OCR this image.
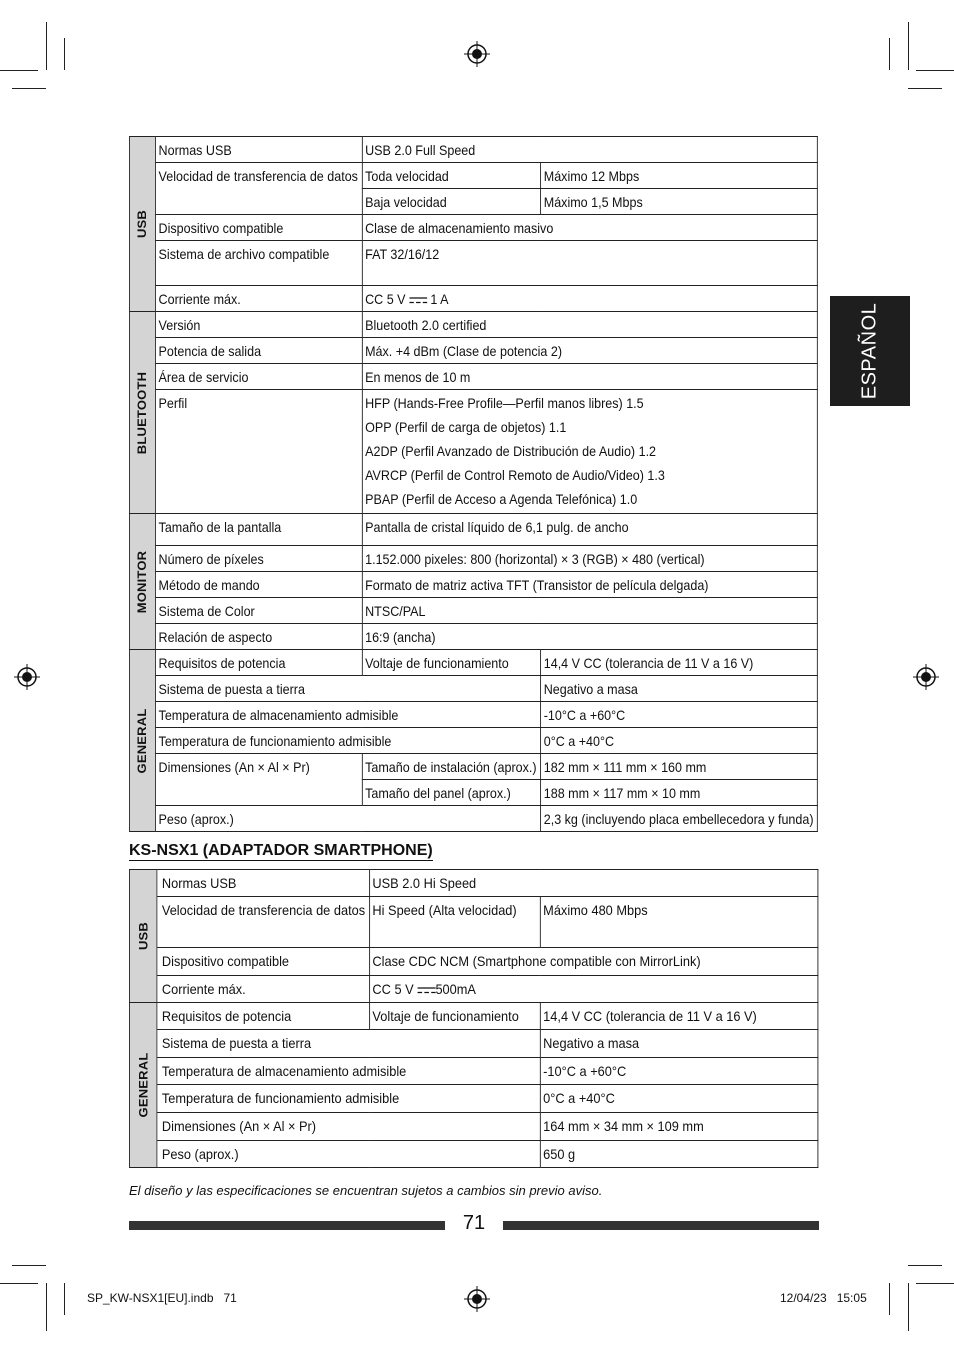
ESPAÑOL
USB	Normas USB	USB 2.0 Full Speed	
	Velocidad de transferencia de datos	Toda velocidad	Máximo 12 Mbps
		Baja velocidad	Máximo 1,5 Mbps
	Dispositivo compatible	Clase de almacenamiento masivo	
	Sistema de archivo compatible	FAT 32/16/12	
	Corriente máx.	CC 5 V 1 A	

BLUETOOTH	Versión	Bluetooth 2.0 certified	
	Potencia de salida	Máx. +4 dBm (Clase de potencia 2)	
	Área de servicio	En menos de 10 m	
	Perfil	HFP (Hands-Free Profile—Perfil manos libres) 1.5
OPP (Perfil de carga de objetos) 1.1
A2DP (Perfil Avanzado de Distribución de Audio) 1.2
AVRCP (Perfil de Control Remoto de Audio/Video) 1.3
PBAP (Perfil de Acceso a Agenda Telefónica) 1.0	

MONITOR	Tamaño de la pantalla	Pantalla de cristal líquido de 6,1 pulg. de ancho	
	Número de píxeles	1.152.000 pixeles: 800 (horizontal) × 3 (RGB) × 480 (vertical)	
	Método de mando	Formato de matriz activa TFT (Transistor de película delgada)	
	Sistema de Color	NTSC/PAL	
	Relación de aspecto	16:9 (ancha)	

GENERAL	Requisitos de potencia	Voltaje de funcionamiento	14,4 V CC (tolerancia de 11 V a 16 V)
	Sistema de puesta a tierra		Negativo a masa
	Temperatura de almacenamiento admisible		-10°C a +60°C
	Temperatura de funcionamiento admisible		0°C a +40°C
	Dimensiones (An × Al × Pr)	Tamaño de instalación (aprox.)	182 mm × 111 mm × 160 mm
		Tamaño del panel (aprox.)	188 mm × 117 mm × 10 mm
	Peso (aprox.)		2,3 kg (incluyendo placa embellecedora y funda)
KS-NSX1 (ADAPTADOR SMARTPHONE)
USB	Normas USB	USB 2.0 Hi Speed	
	Velocidad de transferencia de datos	Hi Speed (Alta velocidad)	Máximo 480 Mbps
	Dispositivo compatible	Clase CDC NCM (Smartphone compatible con MirrorLink)	
	Corriente máx.	CC 5 V 500mA	

GENERAL	Requisitos de potencia	Voltaje de funcionamiento	14,4 V CC (tolerancia de 11 V a 16 V)
	Sistema de puesta a tierra		Negativo a masa
	Temperatura de almacenamiento admisible		-10°C a +60°C
	Temperatura de funcionamiento admisible		0°C a +40°C
	Dimensiones (An × Al × Pr)		164 mm × 34 mm × 109 mm
	Peso (aprox.)		650 g
El diseño y las especificaciones se encuentran sujetos a cambios sin previo aviso.
71
SP_KW-NSX1[EU].indb   71	12/04/23   15:05
